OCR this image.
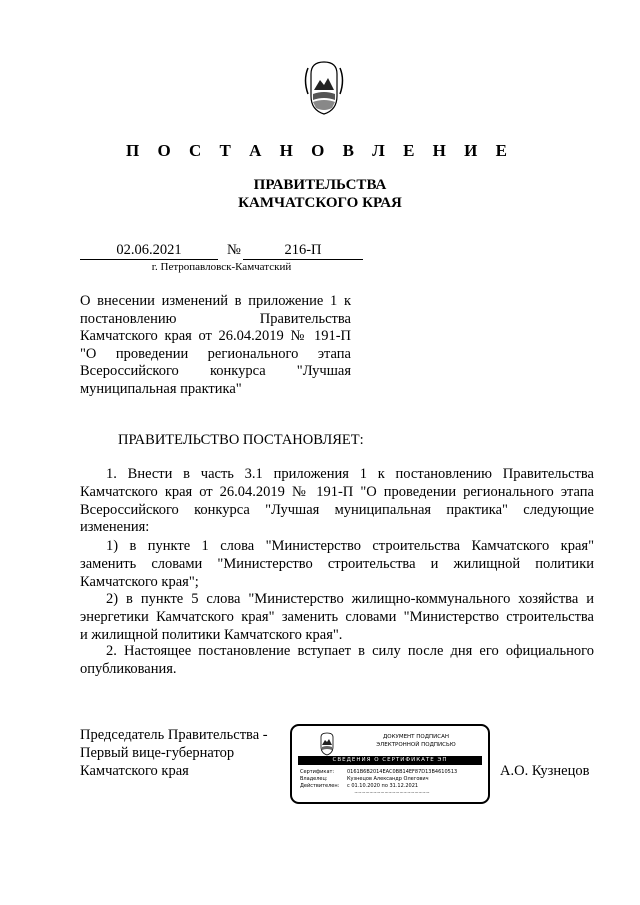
П О С Т А Н О В Л Е Н И Е
ПРАВИТЕЛЬСТВА
КАМЧАТСКОГО КРАЯ
02.06.2021	№	216-П
г. Петропавловск-Камчатский
О внесении изменений в приложение 1 к
постановлению Правительства
Камчатского края от 26.04.2019 № 191-П
"О проведении регионального этапа
Всероссийского конкурса "Лучшая
муниципальная практика"
ПРАВИТЕЛЬСТВО ПОСТАНОВЛЯЕТ:
1. Внести в часть 3.1 приложения 1 к постановлению Правительства
Камчатского края от 26.04.2019 № 191-П "О проведении регионального этапа
Всероссийского конкурса "Лучшая муниципальная практика" следующие
изменения:
1) в пункте 1 слова "Министерство строительства Камчатского края"
заменить словами "Министерство строительства и жилищной политики
Камчатского края";
2) в пункте 5 слова "Министерство жилищно-коммунального хозяйства и
энергетики Камчатского края" заменить словами "Министерство строительства
и жилищной политики Камчатского края".
2. Настоящее постановление вступает в силу после дня его официального
опубликования.
Председатель Правительства -
Первый вице-губернатор
Камчатского края
ДОКУМЕНТ ПОДПИСАН
ЭЛЕКТРОННОЙ ПОДПИСЬЮ
СВЕДЕНИЯ О СЕРТИФИКАТЕ ЭП
Сертификат:	0161B6B2014EAC0BB14EF87D13B4610513
Владелец:	Кузнецов Александр Олегович
Действителен: с 01.10.2020 по 31.12.2021
~~~~~~~~~~~~~~~~~~~~
А.О. Кузнецов
